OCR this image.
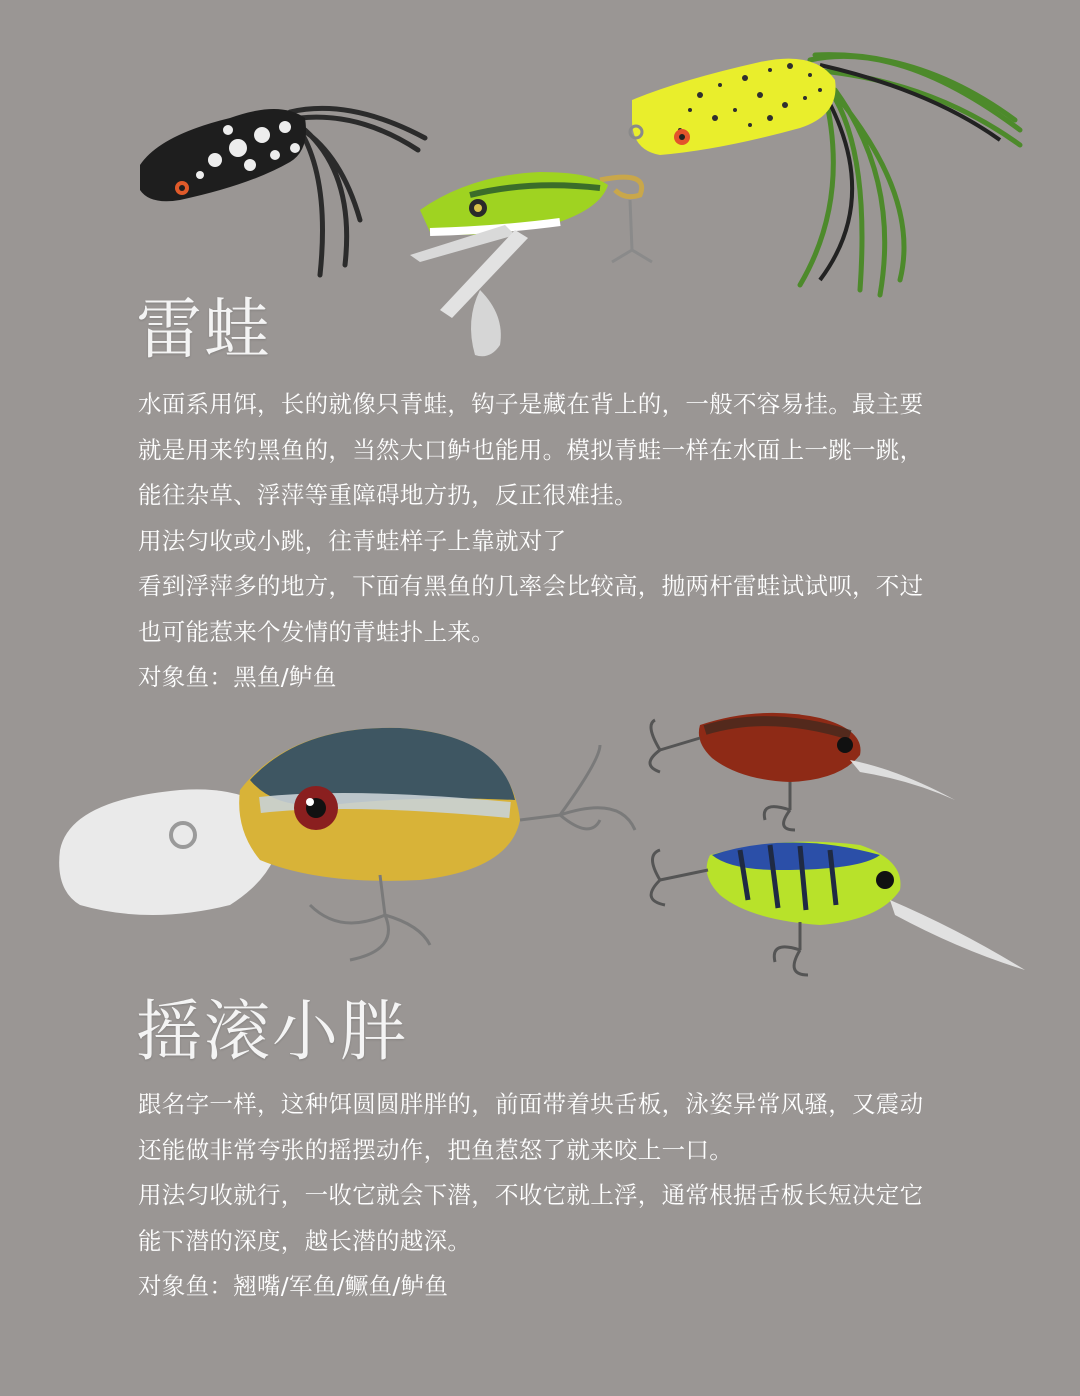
雷蛙

水面系用饵，长的就像只青蛙，钩子是藏在背上的，一般不容易挂。最主要

就是用来钓黑鱼的，当然大口鲈也能用。模拟青蛙一样在水面上一跳一跳，

能往杂草、浮萍等重障碍地方扔，反正很难挂。

用法匀收或小跳，往青蛙样子上靠就对了

看到浮萍多的地方，下面有黑鱼的几率会比较高，抛两杆雷蛙试试呗，不过

也可能惹来个发情的青蛙扑上来。

对象鱼：黑鱼/鲈鱼

摇滚小胖

跟名字一样，这种饵圆圆胖胖的，前面带着块舌板，泳姿异常风骚，又震动

还能做非常夸张的摇摆动作，把鱼惹怒了就来咬上一口。

用法匀收就行，一收它就会下潜，不收它就上浮，通常根据舌板长短决定它

能下潜的深度，越长潜的越深。

对象鱼：翘嘴/军鱼/鳜鱼/鲈鱼
